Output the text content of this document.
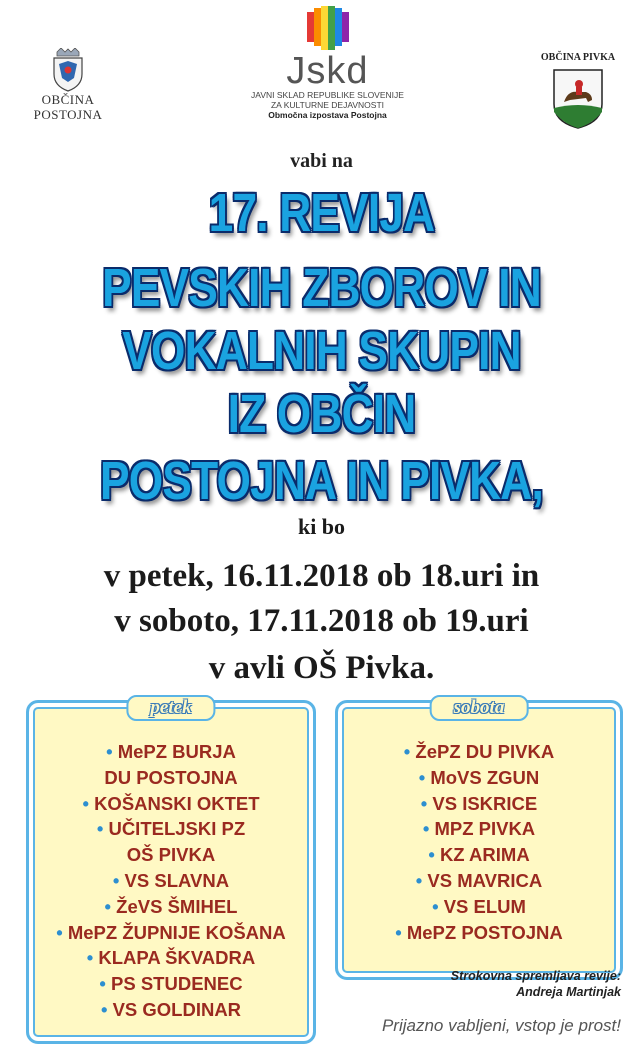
OBČINA
POSTOJNA
Jskd
JAVNI SKLAD REPUBLIKE SLOVENIJE
ZA KULTURNE DEJAVNOSTI
Območna izpostava Postojna
OBČINA PIVKA
vabi na
17. REVIJA
PEVSKIH ZBOROV IN
VOKALNIH SKUPIN
IZ OBČIN
POSTOJNA IN PIVKA,
ki bo
v petek, 16.11.2018 ob 18.uri in
v soboto, 17.11.2018 ob 19.uri
v avli OŠ Pivka.
petek
• MePZ BURJA
DU POSTOJNA
• KOŠANSKI OKTET
• UČITELJSKI PZ
OŠ PIVKA
• VS SLAVNA
• ŽeVS ŠMIHEL
• MePZ ŽUPNIJE KOŠANA
• KLAPA ŠKVADRA
• PS STUDENEC
• VS GOLDINAR
sobota
• ŽePZ DU PIVKA
• MoVS ZGUN
• VS ISKRICE
• MPZ PIVKA
• KZ ARIMA
• VS MAVRICA
• VS ELUM
• MePZ POSTOJNA
Strokovna spremljava revije:
Andreja Martinjak
Prijazno vabljeni, vstop je prost!
